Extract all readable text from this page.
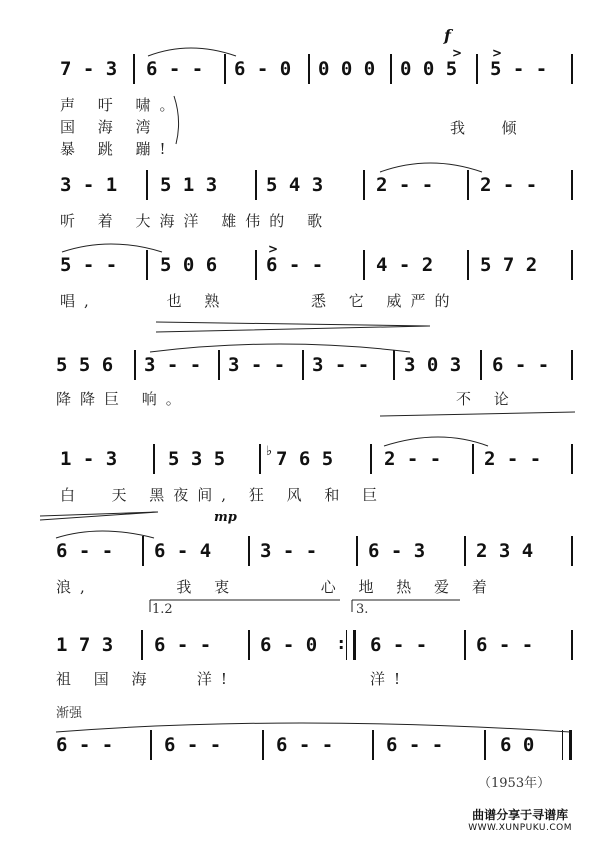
f
7 - 3 6 - - 6 - 0 0 0 0 0 0 5 5 - -
> >
声 吁 啸。
国 海 湾
暴 跳 蹦!
我  倾
3 - 1 5 1 3	5 4 3	2 - - 2 - -
听 着 大海洋 雄伟的 歌
5 - - 5 0 6	6 - -	4 - 2 5 7 2
>
唱,     也 熟      悉 它 威严的
5 5 6 3 - - 3 - - 3 - - 3 0 3 6 - -
降降巨 响。	不 论
1 - 3	5 3 5	♭ 7 6 5	2 - - 2 - -
白  天 黑夜间, 狂 风 和 巨
mp
6 - - 6 - 4	3 - -	6 - 3	2 3 4
浪,      我 衷      心 地 热 爱 着
1.2	3.
1 7 3 6 - -	6 - 0 : 6 - -	6 - -
祖 国 海   洋!	洋!
渐强
6 - -	6 - -	6 - -	6 - -	6 0
（1953年）
曲谱分享于寻谱库
WWW.XUNPUKU.COM
